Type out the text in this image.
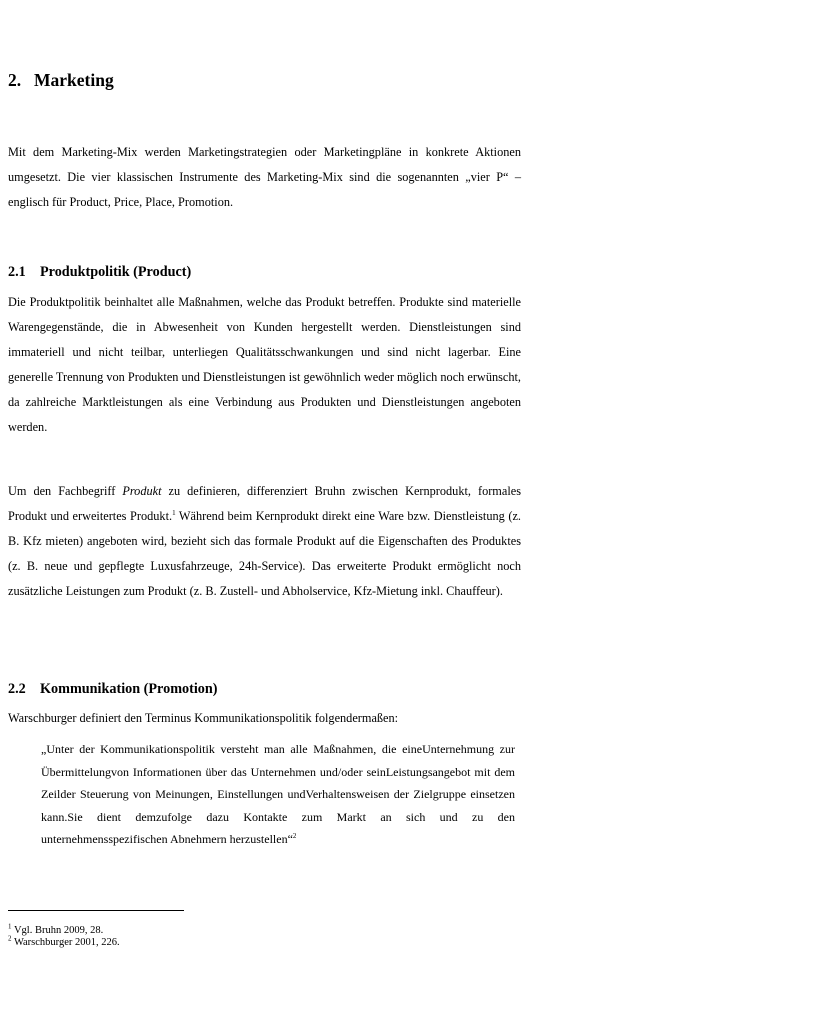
2. Marketing

Mit dem Marketing-Mix werden Marketingstrategien oder Marketingpläne in konkrete Aktionen umgesetzt. Die vier klassischen Instrumente des Marketing-Mix sind die sogenannten „vier P“ – englisch für Product, Price, Place, Promotion.

2.1 Produktpolitik (Product)

Die Produktpolitik beinhaltet alle Maßnahmen, welche das Produkt betreffen. Produkte sind materielle Warengegenstände, die in Abwesenheit von Kunden hergestellt werden. Dienstleistungen sind immateriell und nicht teilbar, unterliegen Qualitätsschwankungen und sind nicht lagerbar. Eine generelle Trennung von Produkten und Dienstleistungen ist gewöhnlich weder möglich noch erwünscht, da zahlreiche Marktleistungen als eine Verbindung aus Produkten und Dienstleistungen angeboten werden.

Um den Fachbegriff Produkt zu definieren, differenziert Bruhn zwischen Kernprodukt, formales Produkt und erweitertes Produkt.$^1$ Während beim Kernprodukt direkt eine Ware bzw. Dienstleistung (z. B. Kfz mieten) angeboten wird, bezieht sich das formale Produkt auf die Eigenschaften des Produktes (z. B. neue und gepflegte Luxusfahrzeuge, 24h-Service). Das erweiterte Produkt ermöglicht noch zusätzliche Leistungen zum Produkt (z. B. Zustell- und Abholservice, Kfz-Mietung inkl. Chauffeur).

2.2 Kommunikation (Promotion)

Warschburger definiert den Terminus Kommunikationspolitik folgendermaßen:

„Unter der Kommunikationspolitik versteht man alle Maßnahmen, die eineUnternehmung zur Übermittelungvon Informationen über das Unternehmen und/oder seinLeistungsangebot mit dem Zeilder Steuerung von Meinungen, Einstellungen undVerhaltensweisen der Zielgruppe einsetzen kann.Sie dient demzufolge dazu Kontakte zum Markt an sich und zu den unternehmensspezifischen Abnehmern herzustellen“$^2$

$^1$ Vgl. Bruhn 2009, 28.

$^2$ Warschburger 2001, 226.
